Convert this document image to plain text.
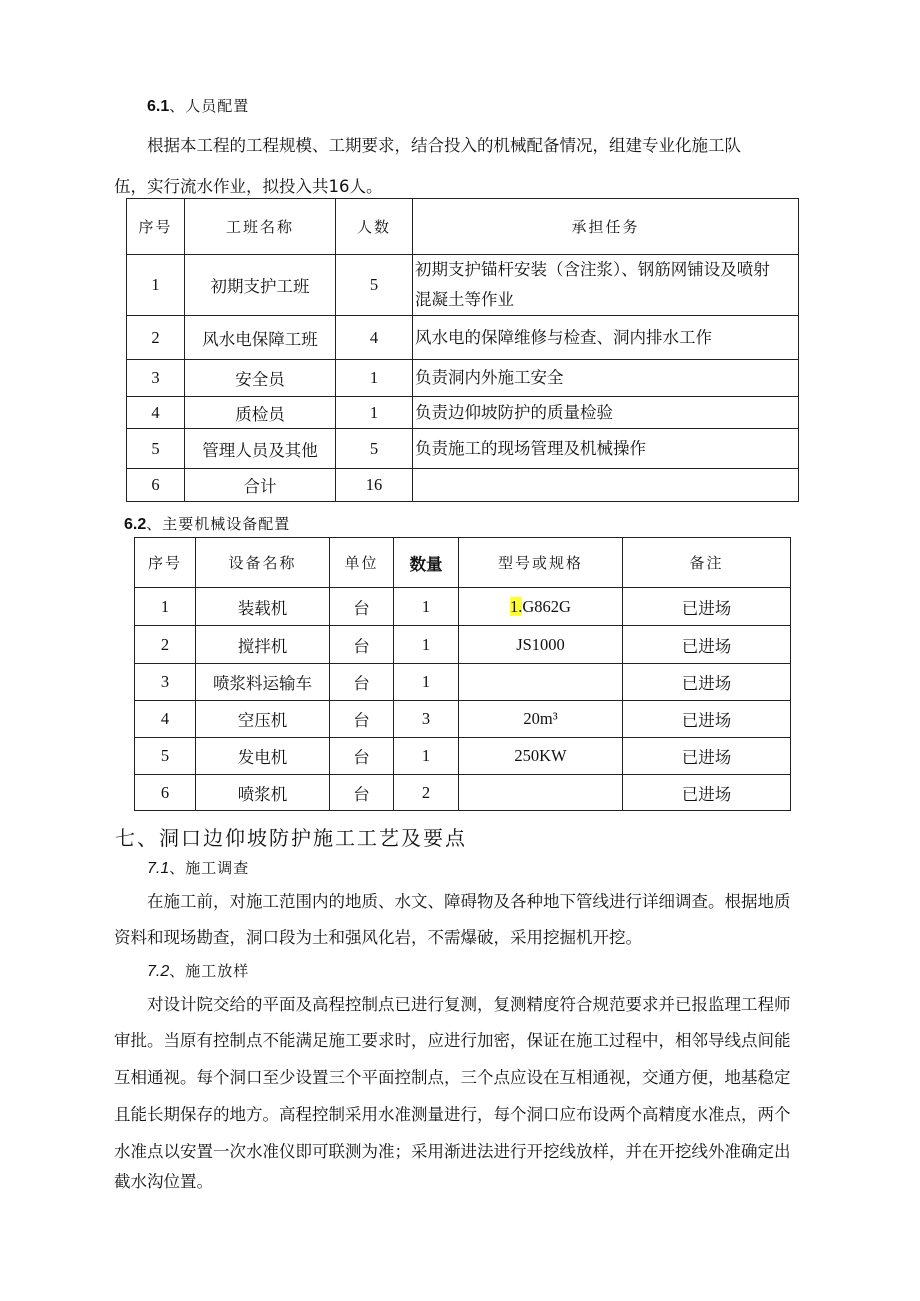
6.1、人员配置
根据本工程的工程规模、工期要求，结合投入的机械配备情况，组建专业化施工队
伍，实行流水作业，拟投入共16人。
序号	工班名称	人数	承担任务
1	初期支护工班	5	初期支护锚杆安装（含注浆）、钢筋网铺设及喷射
混凝土等作业

2	风水电保障工班	4	风水电的保障维修与检查、洞内排水工作
3	安全员	1	负责洞内外施工安全
4	质检员	1	负责边仰坡防护的质量检验
5	管理人员及其他	5	负责施工的现场管理及机械操作
6	合计	16	
6.2、主要机械设备配置
序号	设备名称	单位	数量	型号或规格	备注
1	装载机	台	1	1.G862G	已进场
2	搅拌机	台	1	JS1000	已进场
3	喷浆料运输车	台	1		已进场
4	空压机	台	3	20m³	已进场
5	发电机	台	1	250KW	已进场
6	喷浆机	台	2		已进场
七、洞口边仰坡防护施工工艺及要点
7.1、施工调查
在施工前，对施工范围内的地质、水文、障碍物及各种地下管线进行详细调查。根据地质
资料和现场勘查，洞口段为土和强风化岩，不需爆破，采用挖掘机开挖。
7.2、施工放样
对设计院交给的平面及高程控制点已进行复测，复测精度符合规范要求并已报监理工程师
审批。当原有控制点不能满足施工要求时，应进行加密，保证在施工过程中，相邻导线点间能
互相通视。每个洞口至少设置三个平面控制点，三个点应设在互相通视，交通方便，地基稳定
且能长期保存的地方。高程控制采用水准测量进行，每个洞口应布设两个高精度水准点，两个
水准点以安置一次水准仪即可联测为准；采用渐进法进行开挖线放样，并在开挖线外准确定出
截水沟位置。
